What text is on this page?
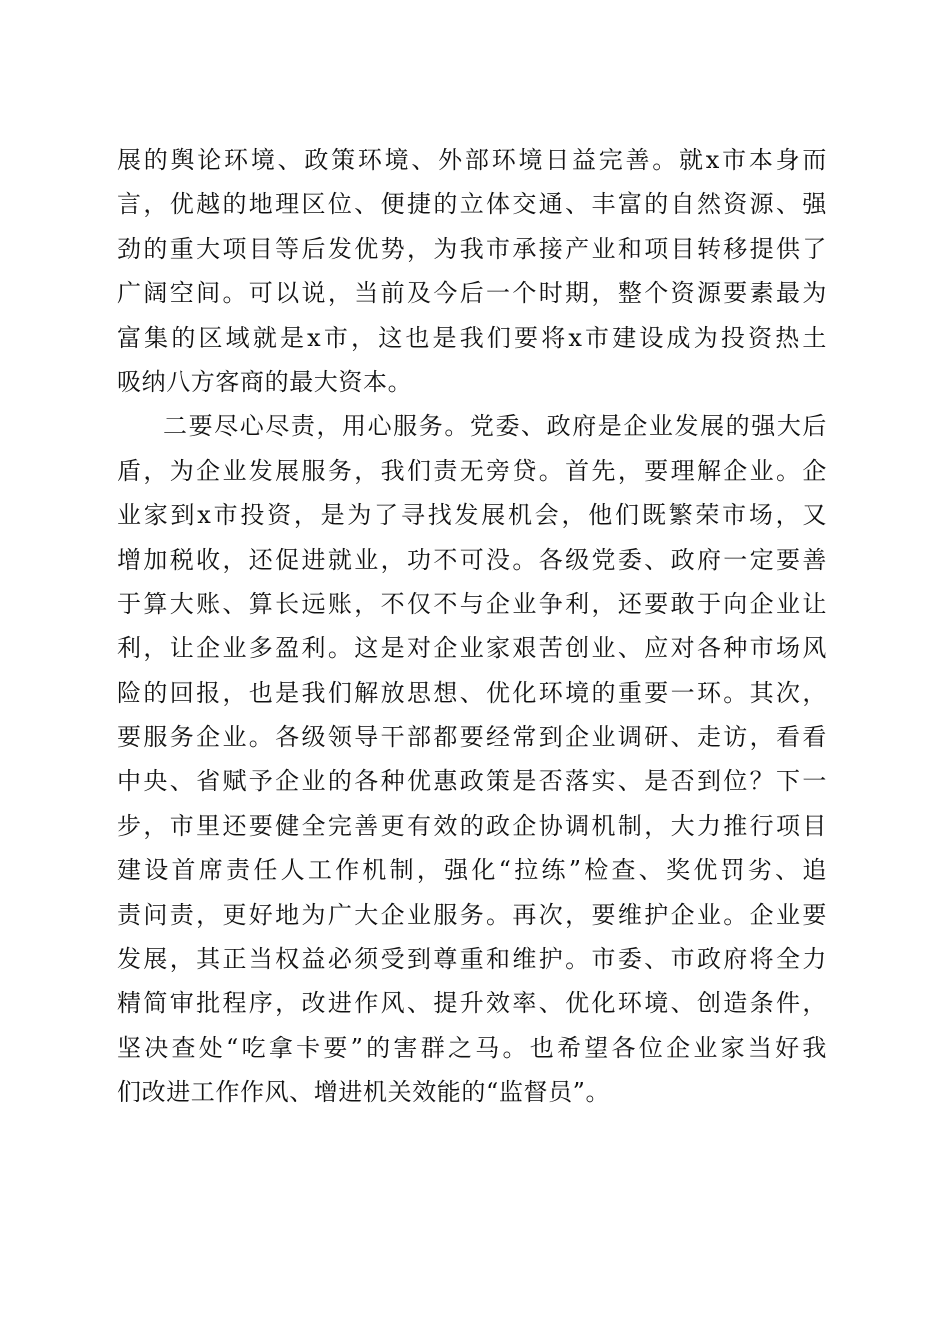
展的舆论环境、政策环境、外部环境日益完善。就x市本身而
言，优越的地理区位、便捷的立体交通、丰富的自然资源、强
劲的重大项目等后发优势，为我市承接产业和项目转移提供了
广阔空间。可以说，当前及今后一个时期，整个资源要素最为
富集的区域就是x市，这也是我们要将x市建设成为投资热土
吸纳八方客商的最大资本。
二要尽心尽责，用心服务。党委、政府是企业发展的强大后
盾，为企业发展服务，我们责无旁贷。首先，要理解企业。企
业家到x市投资，是为了寻找发展机会，他们既繁荣市场，又
增加税收，还促进就业，功不可没。各级党委、政府一定要善
于算大账、算长远账，不仅不与企业争利，还要敢于向企业让
利，让企业多盈利。这是对企业家艰苦创业、应对各种市场风
险的回报，也是我们解放思想、优化环境的重要一环。其次，
要服务企业。各级领导干部都要经常到企业调研、走访，看看
中央、省赋予企业的各种优惠政策是否落实、是否到位？下一
步，市里还要健全完善更有效的政企协调机制，大力推行项目
建设首席责任人工作机制，强化“拉练”检查、奖优罚劣、追
责问责，更好地为广大企业服务。再次，要维护企业。企业要
发展，其正当权益必须受到尊重和维护。市委、市政府将全力
精简审批程序，改进作风、提升效率、优化环境、创造条件，
坚决查处“吃拿卡要”的害群之马。也希望各位企业家当好我
们改进工作作风、增进机关效能的“监督员”。
